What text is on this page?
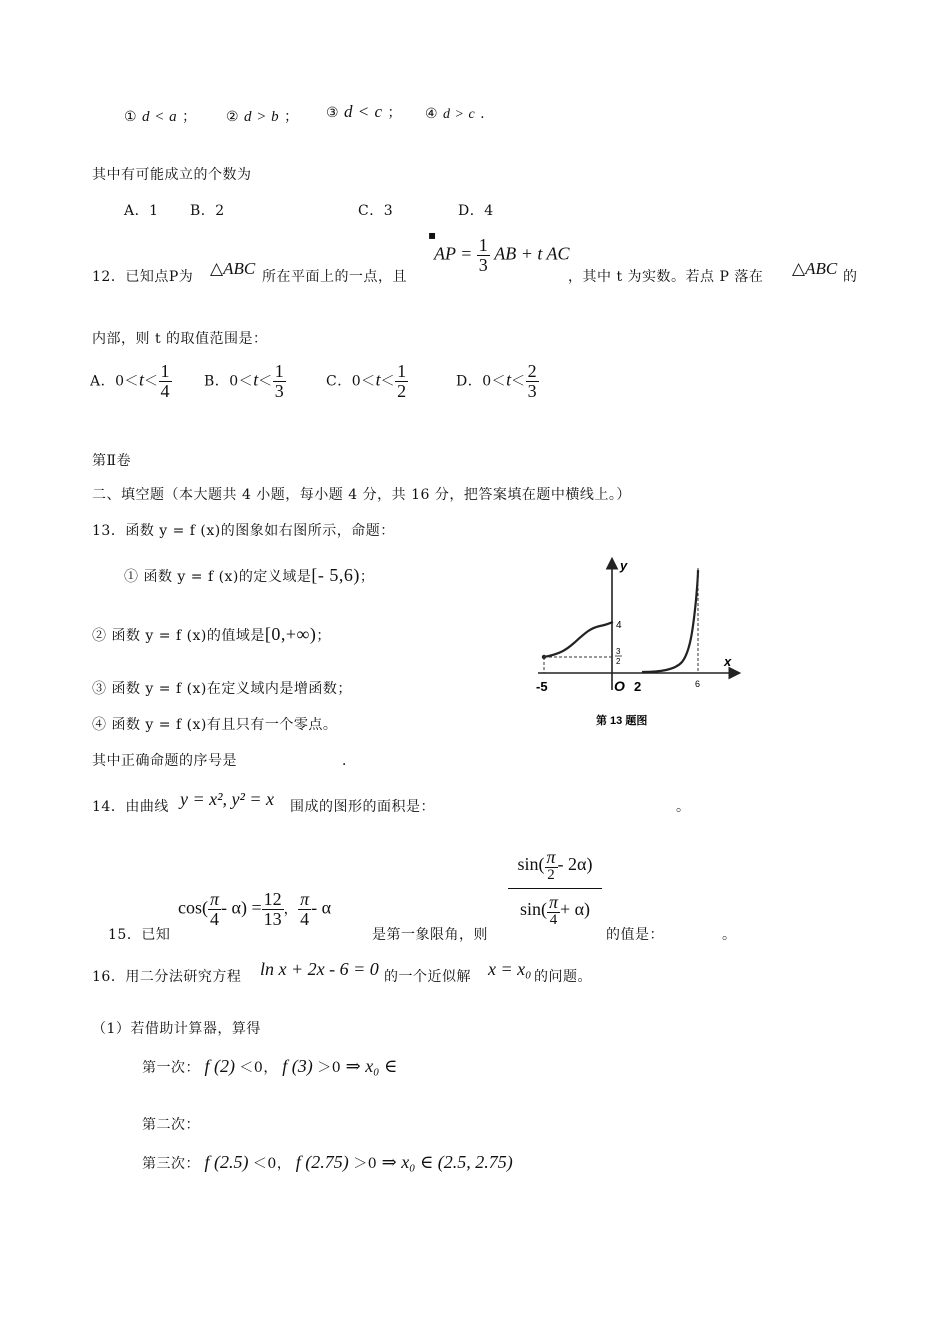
① d < a ； ② d > b ； ③ d < c ； ④ d > c .
其中有可能成立的个数为
A．1 B．2	C．3	D．4
12．已知点P为 △ABC 所在平面上的一点，且
▪
AP = $\frac{1}{3}$ AB + t AC
，其中 t 为实数。若点 P 落在 △ABC 的
内部，则 t 的取值范围是：
A．$0<t< \frac{1}{4}$ B．$0<t< \frac{1}{3}$	C．$0<t< \frac{1}{2}$	D．$0<t< \frac{2}{3}$
第Ⅱ卷
二、填空题（本大题共 4 小题，每小题 4 分，共 16 分，把答案填在题中横线上。）
13．函数 y = f (x)的图象如右图所示，命题：
① 函数 y = f (x)的定义域是[- 5,6)；
② 函数 y = f (x)的值域是[0,+∞)；
③ 函数 y = f (x)在定义域内是增函数；
④ 函数 y = f (x)有且只有一个零点。
其中正确命题的序号是	．
y
x
4
3
2
-5	O 2	6
第 13 题图
14．由曲线 y = x², y² = x 围成的图形的面积是：	。
15．已知
$\cos( \frac{\pi}{4} - \alpha) = \frac{12}{13}$ ， $\frac{\pi}{4}$ - α
是第一象限角，则
$\sin( \frac{\pi}{2} - 2\alpha)$
$\sin( \frac{\pi}{4} + \alpha)$
的值是：	。
16．用二分法研究方程 ln x + 2x - 6 = 0 的一个近似解 x = x₀ 的问题。
（1）若借助计算器，算得
第一次： f (2) ＜0， f (3) ＞0 ⇒ x₀ ∈
第二次：
第三次： f (2.5) ＜0， f (2.75) ＞0 ⇒ x₀ ∈ (2.5, 2.75)
